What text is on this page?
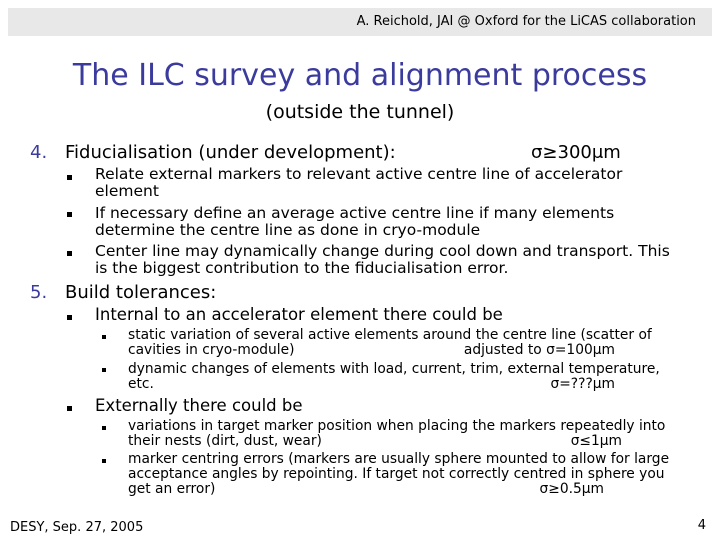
A. Reichold, JAI @ Oxford for the LiCAS collaboration
The ILC survey and alignment process
(outside the tunnel)
4. Fiducialisation (under development):	σ≥300μm
Relate external markers to relevant active centre line of accelerator
element
If necessary define an average active centre line if many elements
determine the centre line as done in cryo-module
Center line may dynamically change during cool down and transport. This
is the biggest contribution to the fiducialisation error.
5. Build tolerances:
Internal to an accelerator element there could be
static variation of several active elements around the centre line (scatter of
cavities in cryo-module)	adjusted to σ=100μm
dynamic changes of elements with load, current, trim, external temperature,
etc.	σ=???μm
Externally there could be
variations in target marker position when placing the markers repeatedly into
their nests (dirt, dust, wear)	σ≤1μm
marker centring errors (markers are usually sphere mounted to allow for large
acceptance angles by repointing. If target not correctly centred in sphere you
get an error)	σ≥0.5μm
DESY, Sep. 27, 2005	4
